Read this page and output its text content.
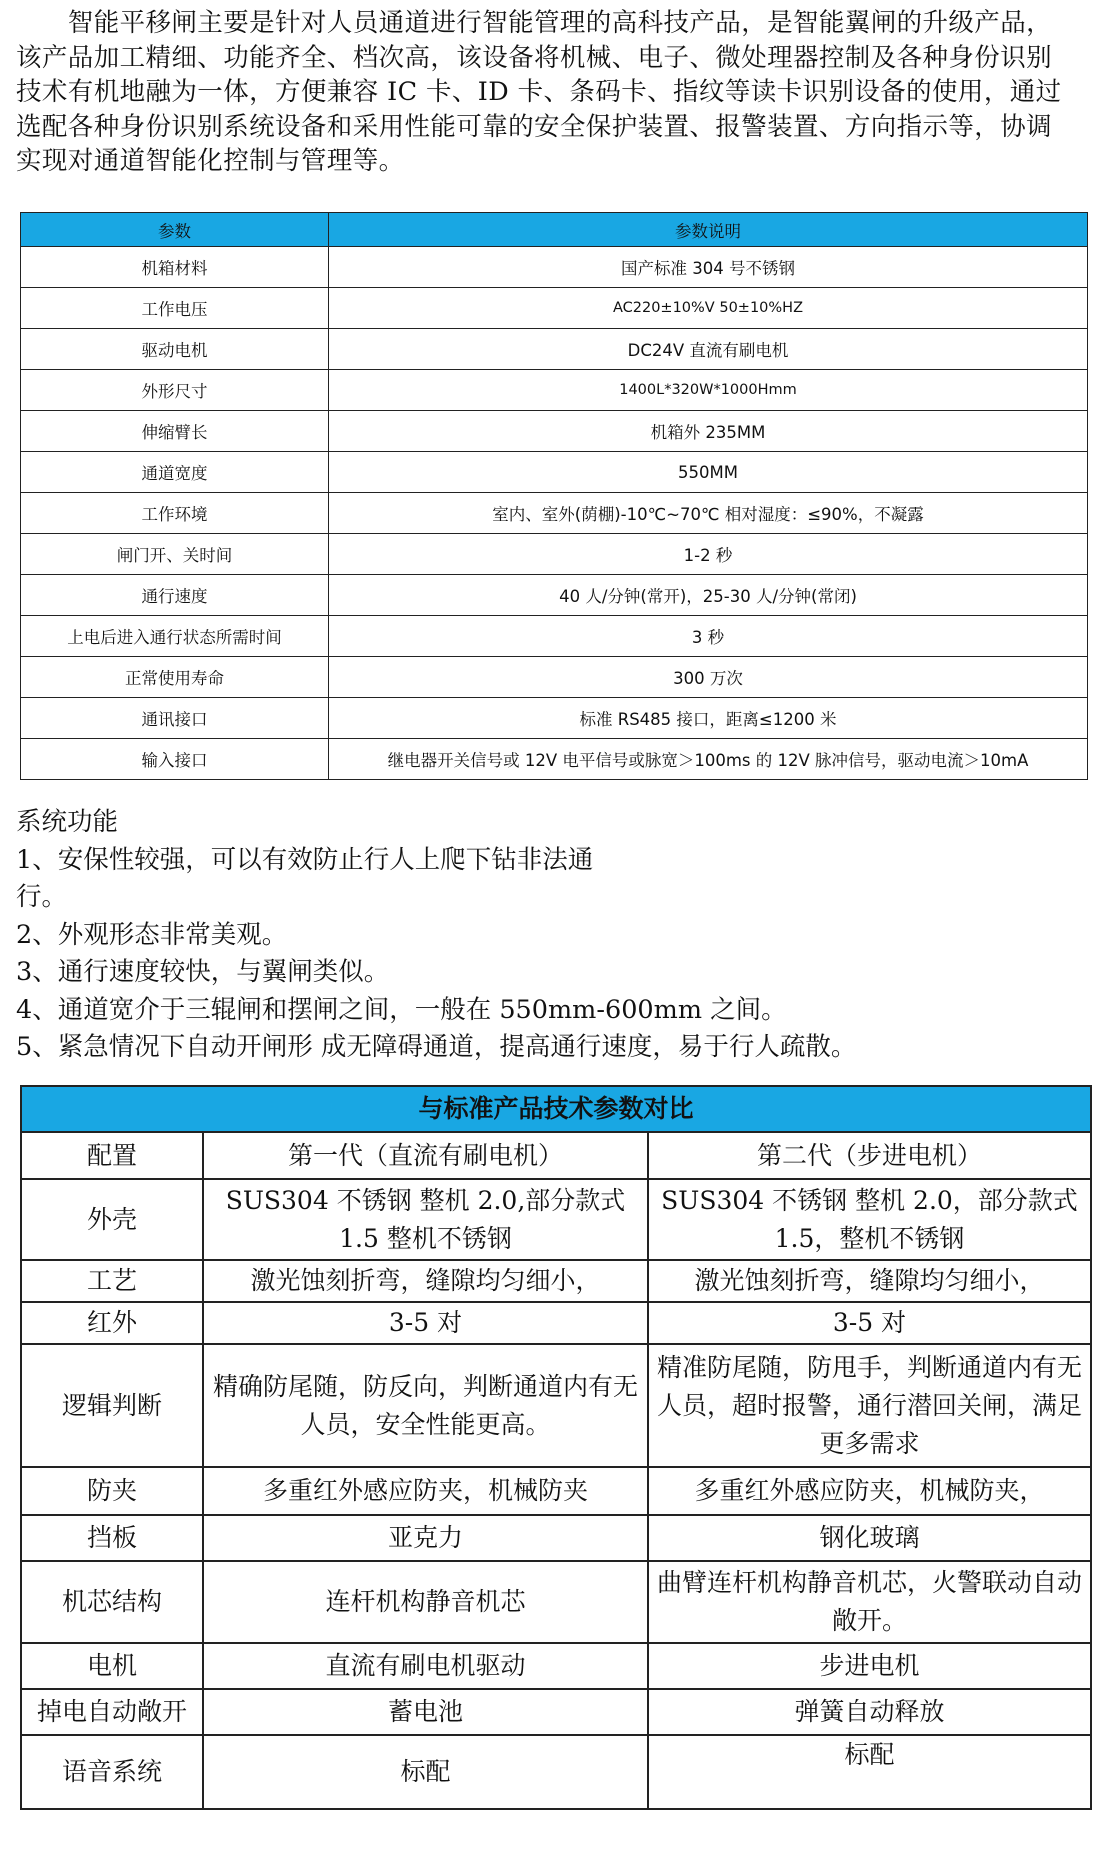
　　智能平移闸主要是针对人员通道进行智能管理的高科技产品，是智能翼闸的升级产品，

该产品加工精细、功能齐全、档次高，该设备将机械、电子、微处理器控制及各种身份识别

技术有机地融为一体，方便兼容 IC 卡、ID 卡、条码卡、指纹等读卡识别设备的使用，通过

选配各种身份识别系统设备和采用性能可靠的安全保护装置、报警装置、方向指示等，协调

实现对通道智能化控制与管理等。

参数	参数说明
机箱材料	国产标准 304 号不锈钢
工作电压	AC220±10%V 50±10%HZ
驱动电机	DC24V 直流有刷电机
外形尺寸	1400L*320W*1000Hmm
伸缩臂长	机箱外 235MM
通道宽度	550MM
工作环境	室内、室外(荫棚)-10℃~70℃ 相对湿度：≤90%，不凝露
闸门开、关时间	1-2 秒
通行速度	40 人/分钟(常开)，25-30 人/分钟(常闭)
上电后进入通行状态所需时间	3 秒
正常使用寿命	300 万次
通讯接口	标准 RS485 接口，距离≤1200 米
输入接口	继电器开关信号或 12V 电平信号或脉宽＞100ms 的 12V 脉冲信号，驱动电流＞10mA

系统功能

1、安保性较强，可以有效防止行人上爬下钻非法通

行。

2、外观形态非常美观。

3、通行速度较快，与翼闸类似。

4、通道宽介于三辊闸和摆闸之间，一般在 550mm-600mm 之间。

5、紧急情况下自动开闸形 成无障碍通道，提高通行速度，易于行人疏散。

与标准产品技术参数对比		
配置	第一代（直流有刷电机）	第二代（步进电机）
外壳	SUS304 不锈钢 整机 2.0,部分款式 1.5 整机不锈钢	SUS304 不锈钢 整机 2.0，部分款式 1.5，整机不锈钢
工艺	激光蚀刻折弯，缝隙均匀细小，	激光蚀刻折弯，缝隙均匀细小，
红外	3-5 对	3-5 对
逻辑判断	精确防尾随，防反向，判断通道内有无人员，安全性能更高。	精准防尾随，防甩手，判断通道内有无人员，超时报警，通行潜回关闸，满足更多需求
防夹	多重红外感应防夹，机械防夹	多重红外感应防夹，机械防夹，
挡板	亚克力	钢化玻璃
机芯结构	连杆机构静音机芯	曲臂连杆机构静音机芯，火警联动自动敞开。
电机	直流有刷电机驱动	步进电机
掉电自动敞开	蓄电池	弹簧自动释放
语音系统	标配	标配
